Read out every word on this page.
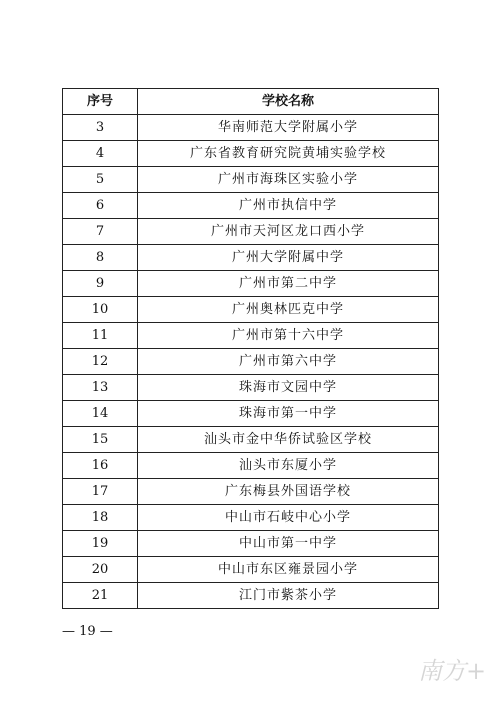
序号	学校名称
3	华南师范大学附属小学
4	广东省教育研究院黄埔实验学校
5	广州市海珠区实验小学
6	广州市执信中学
7	广州市天河区龙口西小学
8	广州大学附属中学
9	广州市第二中学
10	广州奥林匹克中学
11	广州市第十六中学
12	广州市第六中学
13	珠海市文园中学
14	珠海市第一中学
15	汕头市金中华侨试验区学校
16	汕头市东厦小学
17	广东梅县外国语学校
18	中山市石岐中心小学
19	中山市第一中学
20	中山市东区雍景园小学
21	江门市紫茶小学
— 19 —
南方+
